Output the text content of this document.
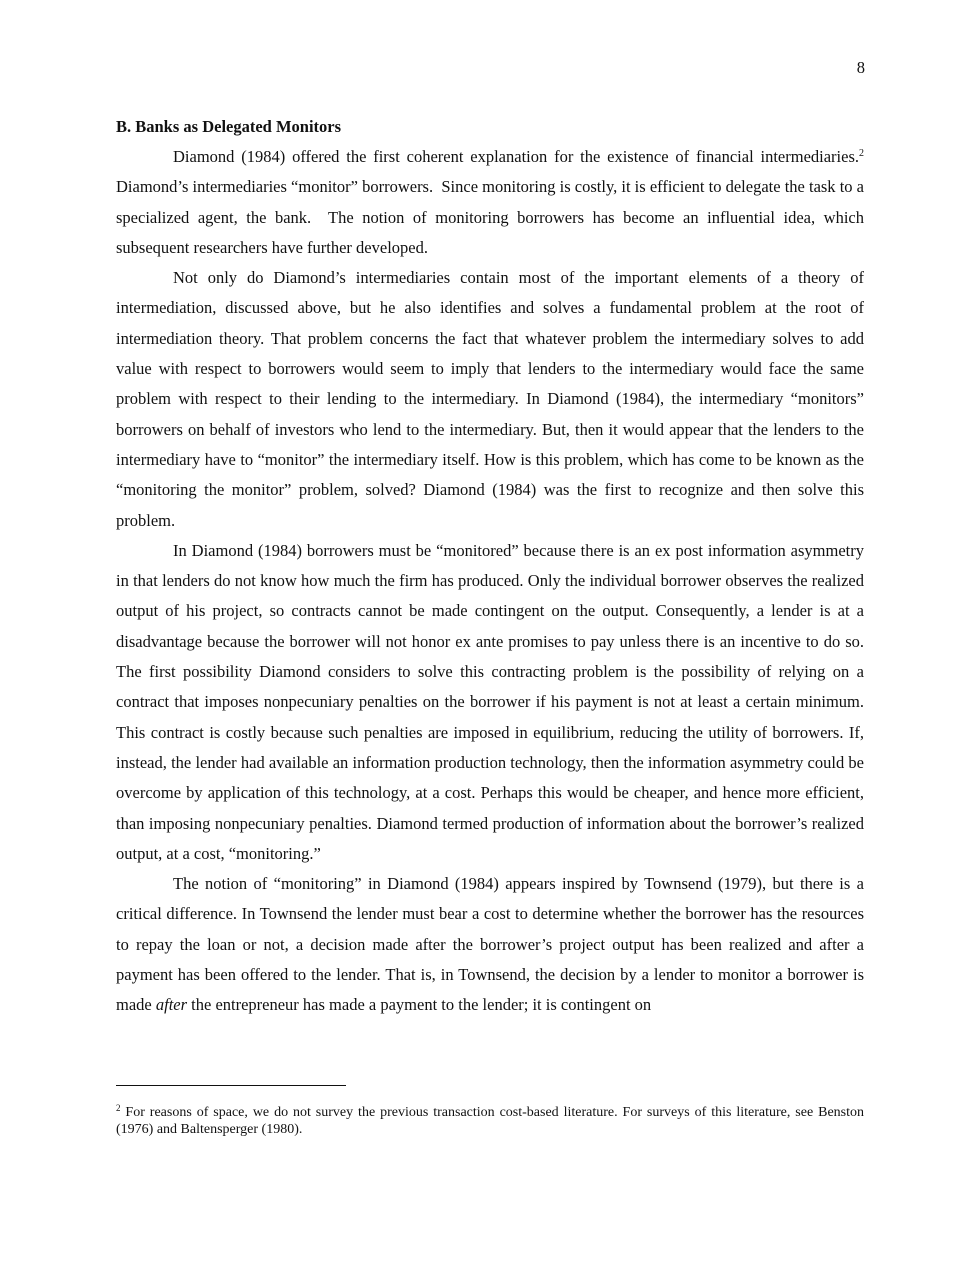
8

B. Banks as Delegated Monitors

Diamond (1984) offered the first coherent explanation for the existence of financial intermediaries.$^2$  Diamond’s intermediaries “monitor” borrowers.  Since monitoring is costly, it is efficient to delegate the task to a specialized agent, the bank.  The notion of monitoring borrowers has become an influential idea, which subsequent researchers have further developed.

Not only do Diamond’s intermediaries contain most of the important elements of a theory of intermediation, discussed above, but he also identifies and solves a fundamental problem at the root of intermediation theory. That problem concerns the fact that whatever problem the intermediary solves to add value with respect to borrowers would seem to imply that lenders to the intermediary would face the same problem with respect to their lending to the intermediary. In Diamond (1984), the intermediary “monitors” borrowers on behalf of investors who lend to the intermediary. But, then it would appear that the lenders to the intermediary have to “monitor” the intermediary itself. How is this problem, which has come to be known as the “monitoring the monitor” problem, solved? Diamond (1984) was the first to recognize and then solve this problem.

In Diamond (1984) borrowers must be “monitored” because there is an ex post information asymmetry in that lenders do not know how much the firm has produced. Only the individual borrower observes the realized output of his project, so contracts cannot be made contingent on the output. Consequently, a lender is at a disadvantage because the borrower will not honor ex ante promises to pay unless there is an incentive to do so. The first possibility Diamond considers to solve this contracting problem is the possibility of relying on a contract that imposes nonpecuniary penalties on the borrower if his payment is not at least a certain minimum. This contract is costly because such penalties are imposed in equilibrium, reducing the utility of borrowers. If, instead, the lender had available an information production technology, then the information asymmetry could be overcome by application of this technology, at a cost. Perhaps this would be cheaper, and hence more efficient, than imposing nonpecuniary penalties. Diamond termed production of information about the borrower’s realized output, at a cost, “monitoring.”

The notion of “monitoring” in Diamond (1984) appears inspired by Townsend (1979), but there is a critical difference. In Townsend the lender must bear a cost to determine whether the borrower has the resources to repay the loan or not, a decision made after the borrower’s project output has been realized and after a payment has been offered to the lender. That is, in Townsend, the decision by a lender to monitor a borrower is made after the entrepreneur has made a payment to the lender; it is contingent on

$^2$ For reasons of space, we do not survey the previous transaction cost-based literature. For surveys of this literature, see Benston (1976) and Baltensperger (1980).
